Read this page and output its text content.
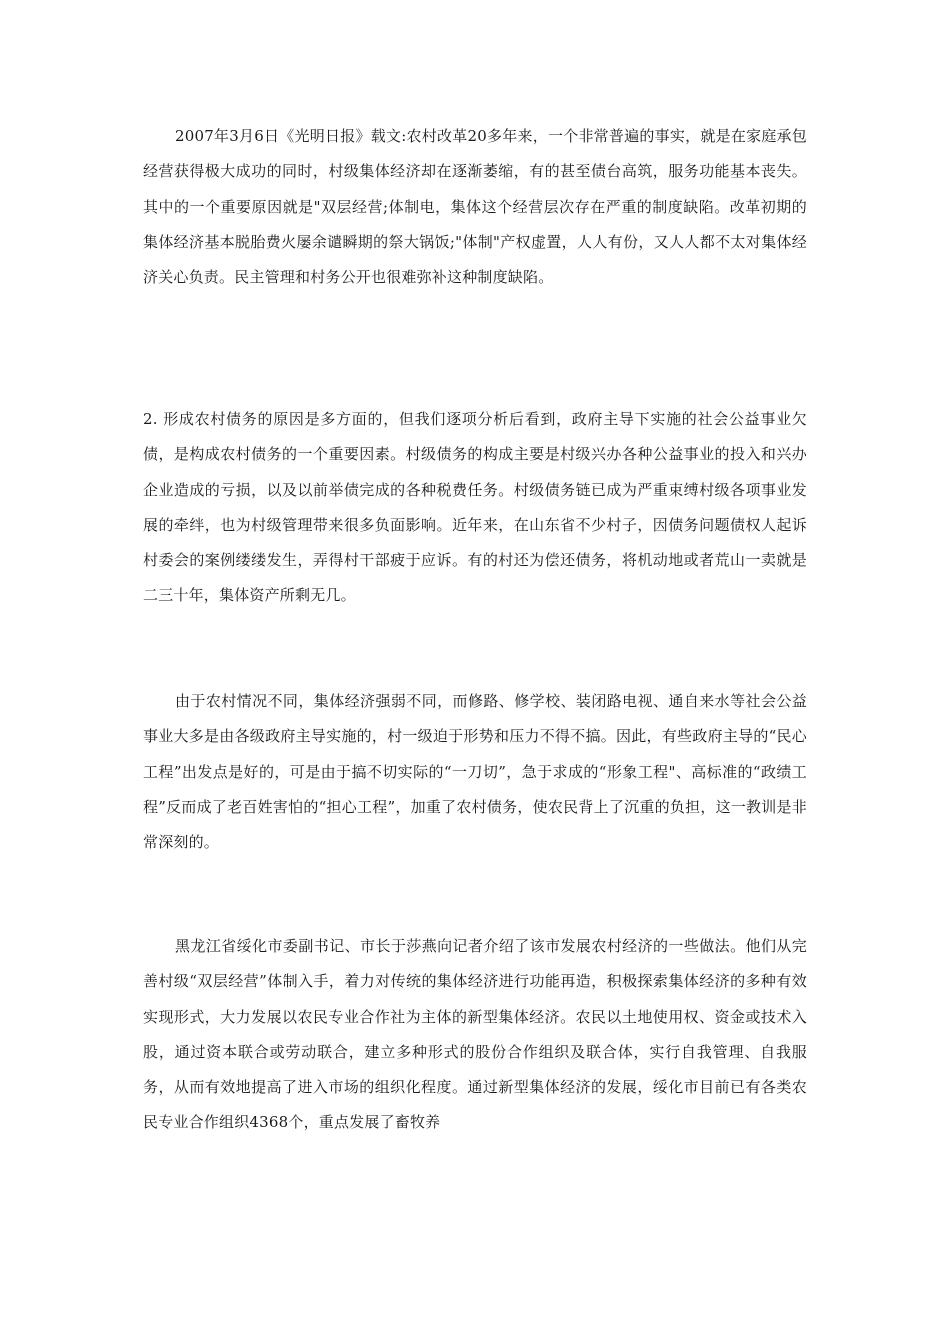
2007年3月6日《光明日报》载文:农村改革20多年来，一个非常普遍的事实，就是在家庭承包经营获得极大成功的同时，村级集体经济却在逐渐萎缩，有的甚至债台高筑，服务功能基本丧失。其中的一个重要原因就是"双层经营;体制电，集体这个经营层次存在严重的制度缺陷。改革初期的集体经济基本脱胎费火屡余谴瞬期的祭大锅饭;"体制"产权虚置，人人有份，又人人都不太对集体经济关心负责。民主管理和村务公开也很难弥补这种制度缺陷。

2. 形成农村债务的原因是多方面的，但我们逐项分析后看到，政府主导下实施的社会公益事业欠债，是构成农村债务的一个重要因素。村级债务的构成主要是村级兴办各种公益事业的投入和兴办企业造成的亏损，以及以前举债完成的各种税费任务。村级债务链已成为严重束缚村级各项事业发展的牵绊，也为村级管理带来很多负面影响。近年来，在山东省不少村子，因债务问题债权人起诉村委会的案例缕缕发生，弄得村干部疲于应诉。有的村还为偿还债务，将机动地或者荒山一卖就是二三十年，集体资产所剩无几。

由于农村情况不同，集体经济强弱不同，而修路、修学校、装闭路电视、通自来水等社会公益事业大多是由各级政府主导实施的，村一级迫于形势和压力不得不搞。因此，有些政府主导的“民心工程”出发点是好的，可是由于搞不切实际的“一刀切”，急于求成的“形象工程"、高标准的“政绩工程”反而成了老百姓害怕的“担心工程”，加重了农村债务，使农民背上了沉重的负担，这一教训是非常深刻的。

黑龙江省绥化市委副书记、市长于莎燕向记者介绍了该市发展农村经济的一些做法。他们从完善村级“双层经营”体制入手，着力对传统的集体经济进行功能再造，积极探索集体经济的多种有效实现形式，大力发展以农民专业合作社为主体的新型集体经济。农民以土地使用权、资金或技术入股，通过资本联合或劳动联合，建立多种形式的股份合作组织及联合体，实行自我管理、自我服务，从而有效地提高了进入市场的组织化程度。通过新型集体经济的发展，绥化市目前已有各类农民专业合作组织4368个，重点发展了畜牧养
